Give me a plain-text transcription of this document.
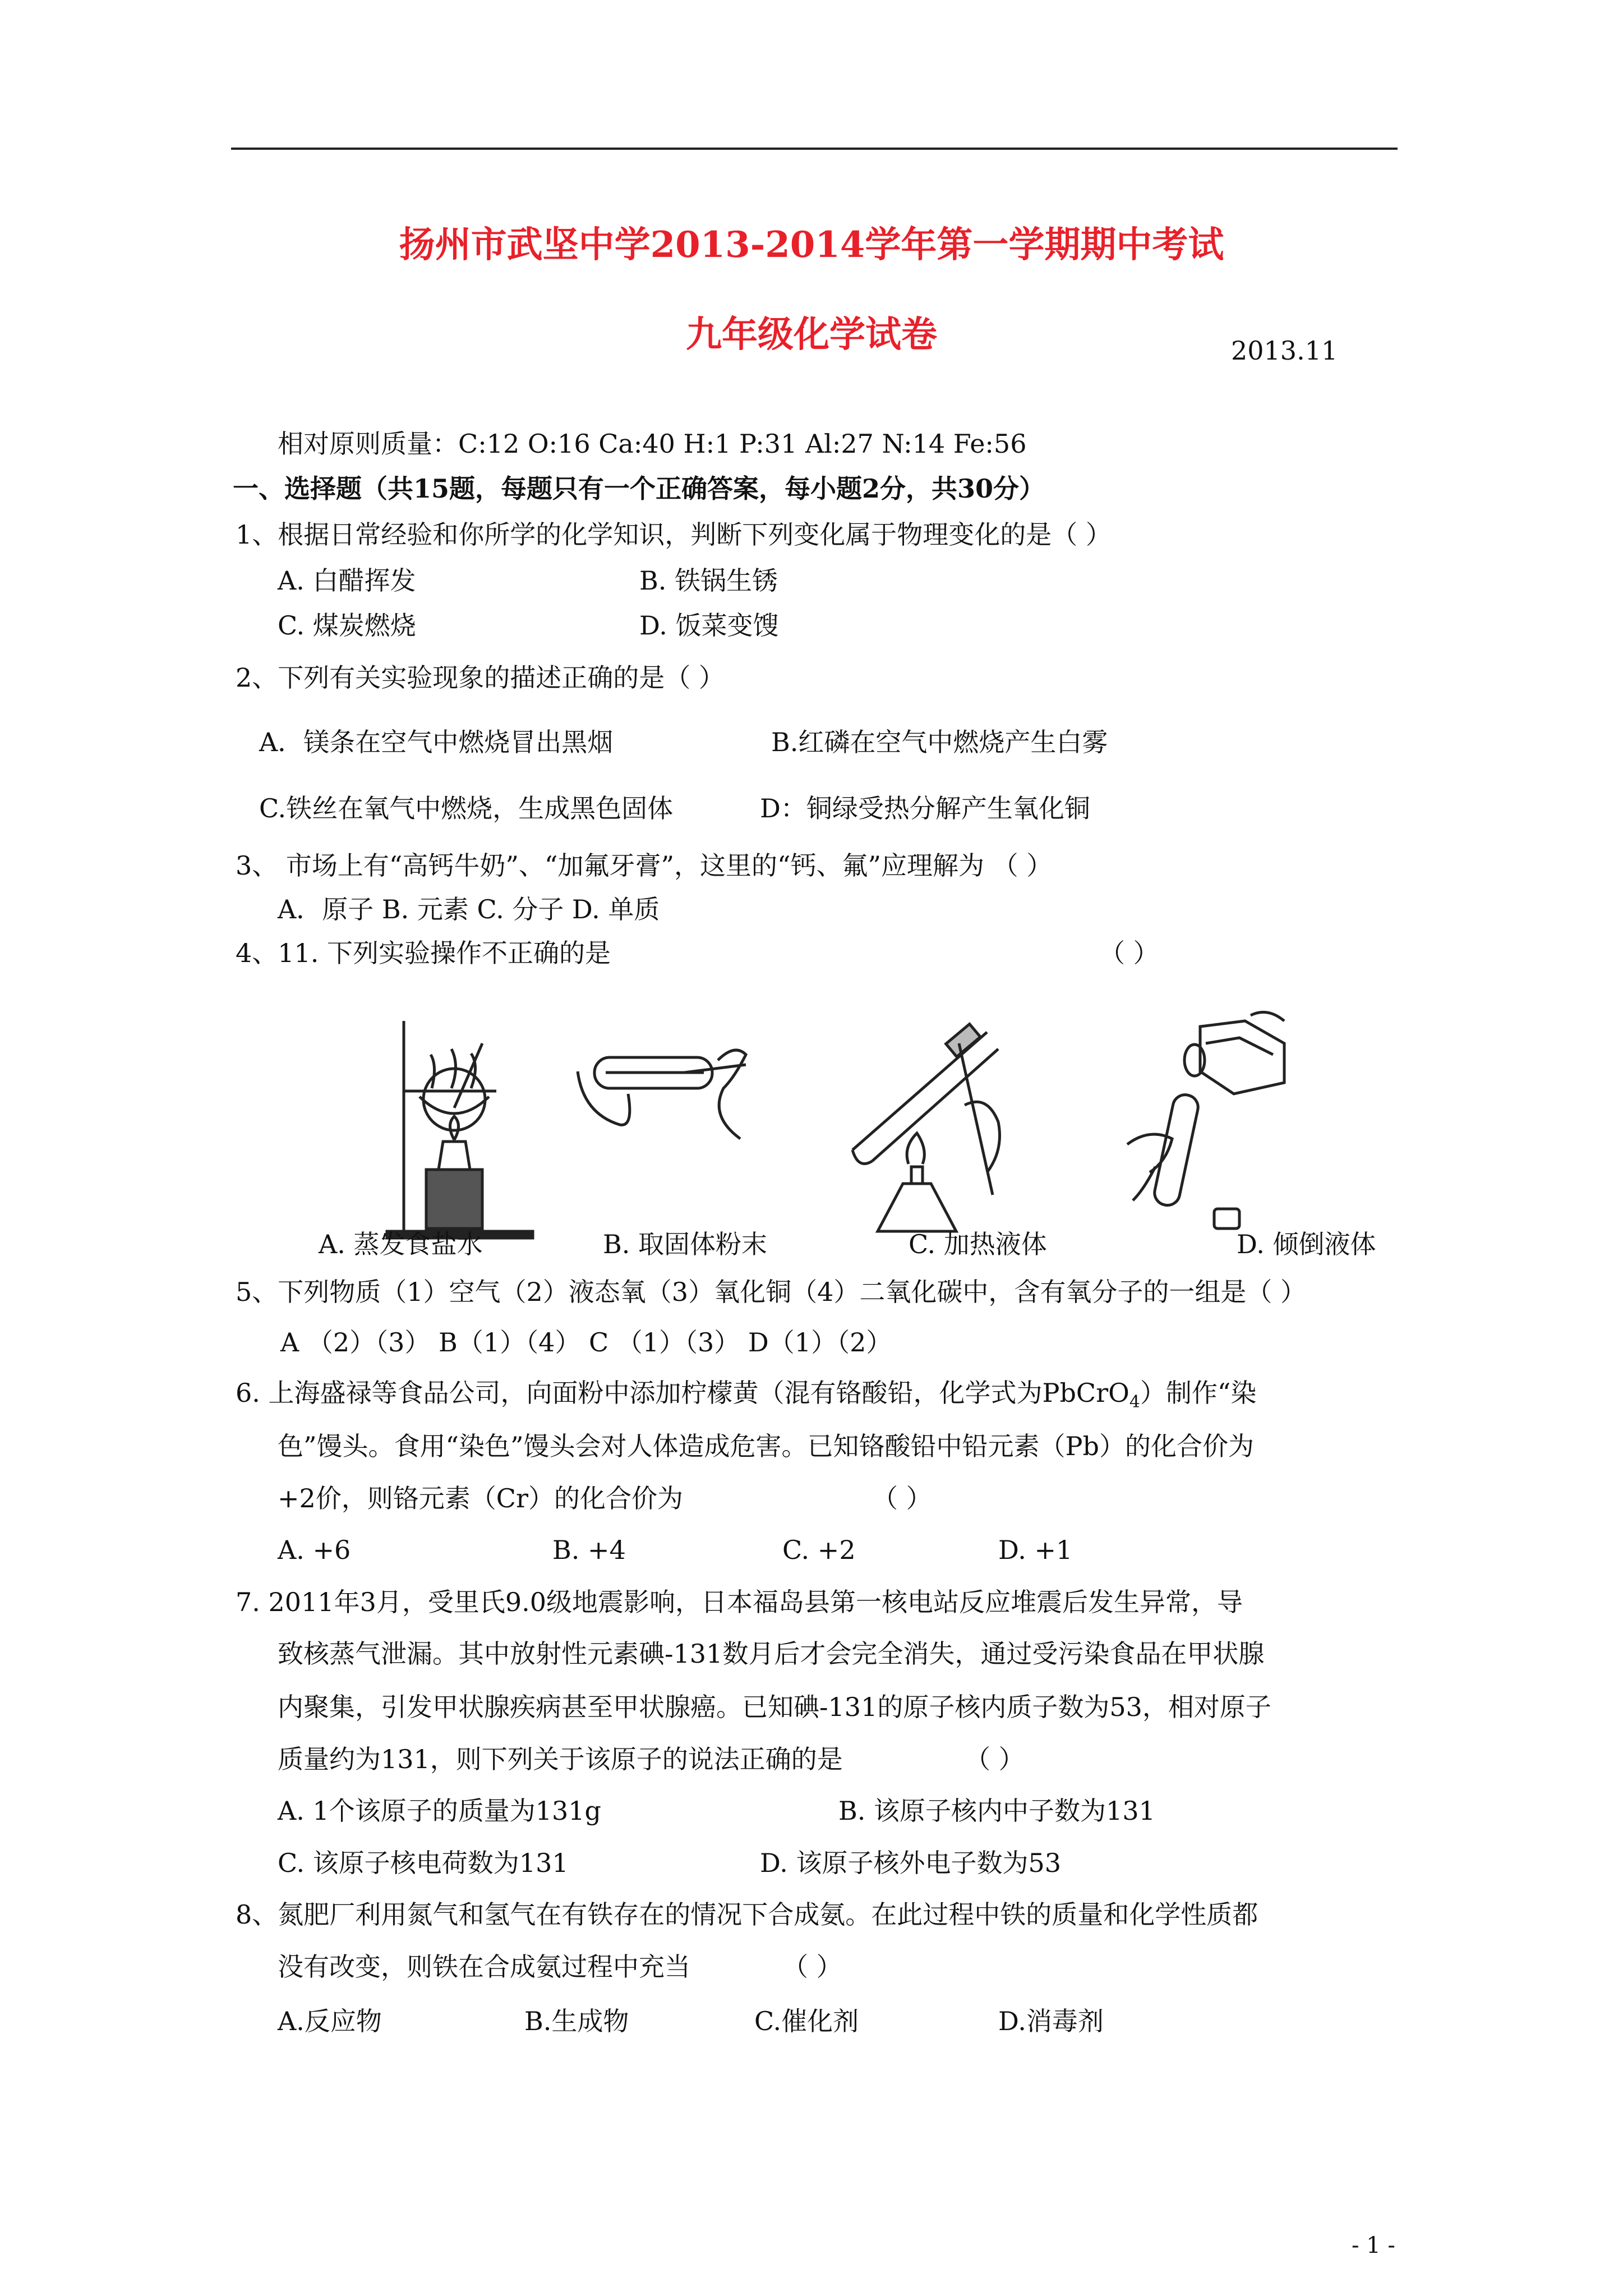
扬州市武坚中学2013-2014学年第一学期期中考试
九年级化学试卷	2013.11
相对原则质量：C:12 O:16 Ca:40 H:1 P:31 Al:27 N:14 Fe:56
一、选择题（共15题，每题只有一个正确答案，每小题2分，共30分）
1、根据日常经验和你所学的化学知识，判断下列变化属于物理变化的是（ ）
A. 白醋挥发	B. 铁锅生锈
C. 煤炭燃烧	D. 饭菜变馊
2、下列有关实验现象的描述正确的是（ ）
A．镁条在空气中燃烧冒出黑烟	B.红磷在空气中燃烧产生白雾
C.铁丝在氧气中燃烧，生成黑色固体	D：铜绿受热分解产生氧化铜
3、 市场上有“高钙牛奶”、“加氟牙膏”，这里的“钙、氟”应理解为 （ ）
A．原子 B. 元素 C. 分子 D. 单质
4、11. 下列实验操作不正确的是	（ ）
A. 蒸发食盐水	B. 取固体粉末	C. 加热液体	D. 倾倒液体
5、下列物质（1）空气（2）液态氧（3）氧化铜（4）二氧化碳中，含有氧分子的一组是（ ）
A （2）（3） B（1）（4） C （1）（3） D（1）（2）
6. 上海盛禄等食品公司，向面粉中添加柠檬黄（混有铬酸铅，化学式为PbCrO$_4$）制作“染
色”馒头。食用“染色”馒头会对人体造成危害。已知铬酸铅中铅元素（Pb）的化合价为
+2价，则铬元素（Cr）的化合价为	（ ）
A. +6	B. +4	C. +2	D. +1
7. 2011年3月，受里氏9.0级地震影响，日本福岛县第一核电站反应堆震后发生异常，导
致核蒸气泄漏。其中放射性元素碘-131数月后才会完全消失，通过受污染食品在甲状腺
内聚集，引发甲状腺疾病甚至甲状腺癌。已知碘-131的原子核内质子数为53，相对原子
质量约为131，则下列关于该原子的说法正确的是	（ ）
A. 1个该原子的质量为131g	B. 该原子核内中子数为131
C. 该原子核电荷数为131	D. 该原子核外电子数为53
8、氮肥厂利用氮气和氢气在有铁存在的情况下合成氨。在此过程中铁的质量和化学性质都
没有改变，则铁在合成氨过程中充当	（ ）
A.反应物	B.生成物	C.催化剂	D.消毒剂
- 1 -
